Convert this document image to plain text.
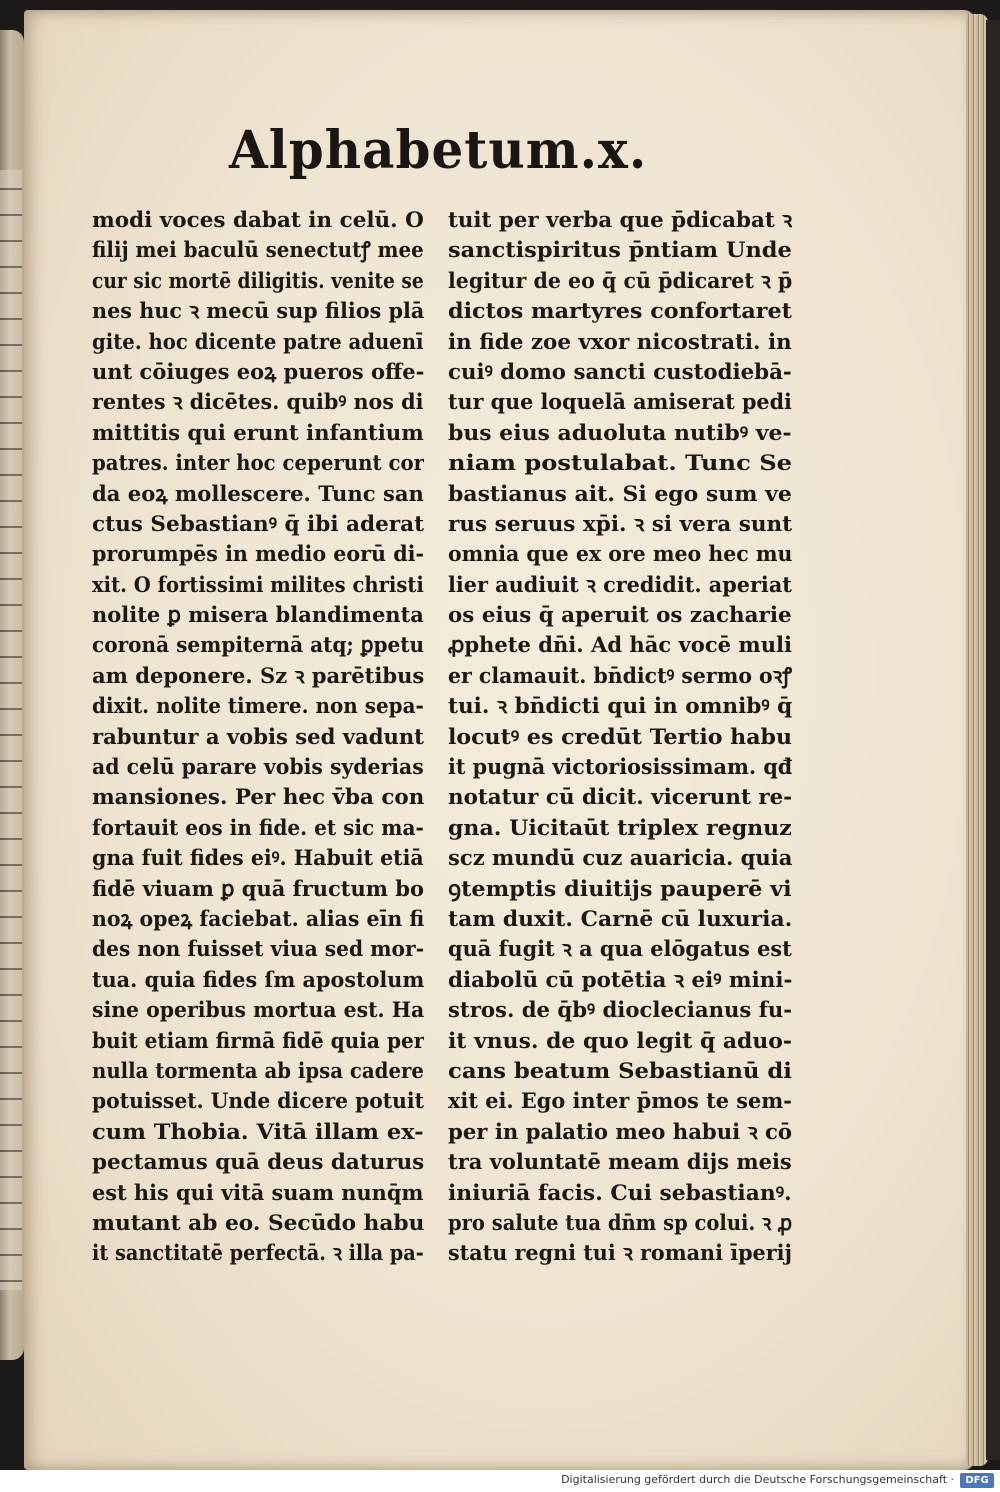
Alphabetum.x.
modi voces dabat in celū. O
filij mei baculū senectutꝭ mee
cur sic mortē diligitis. venite se
nes huc ꝛ mecū sup filios plā
gite. hoc dicente patre aduenī
unt cōiuges eoꝝ pueros offe-
rentes ꝛ dicētes. quibꝰ nos di
mittitis qui erunt infantium
patres. inter hoc ceperunt cor
da eoꝝ mollescere. Tunc san
ctus Sebastianꝰ q̄ ibi aderat
prorumpēs in medio eorū di-
xit. O fortissimi milites christi
nolite ꝑ misera blandimenta
coronā sempiternā atq; ꝑpetu
am deponere. Sz ꝛ parētibus
dixit. nolite timere. non sepa-
rabuntur a vobis sed vadunt
ad celū parare vobis syderias
mansiones. Per hec v̄ba con
fortauit eos in fide. et sic ma-
gna fuit fides eiꝰ. Habuit etiā
fidē viuam ꝑ quā fructum bo
noꝝ opeꝝ faciebat. alias eīn fi
des non fuisset viua sed mor-
tua. quia fides ſm apostolum
sine operibus mortua est. Ha
buit etiam firmā fidē quia per
nulla tormenta ab ipsa cadere
potuisset. Unde dicere potuit
cum Thobia. Vitā illam ex-
pectamus quā deus daturus
est his qui vitā suam nunq̄m
mutant ab eo. Secūdo habu
it sanctitatē perfectā. ꝛ illa pa-
tuit per verba que p̄dicabat ꝛ
sanctispiritus p̄ntiam Unde
legitur de eo q̄ cū p̄dicaret ꝛ p̄
dictos martyres confortaret
in fide zoe vxor nicostrati. in
cuiꝰ domo sancti custodiebā-
tur que loquelā amiserat pedi
bus eius aduoluta nutibꝰ ve-
niam postulabat. Tunc Se
bastianus ait. Si ego sum ve
rus seruus xp̄i. ꝛ si vera sunt
omnia que ex ore meo hec mu
lier audiuit ꝛ credidit. aperiat
os eius q̄ aperuit os zacharie
ꝓphete dn̄i. Ad hāc vocē muli
er clamauit. bn̄dictꝰ sermo oꝛꝭ
tui. ꝛ bn̄dicti qui in omnibꝰ q̄
locutꝰ es credūt Tertio habu
it pugnā victoriosissimam. qđ
notatur cū dicit. vicerunt re-
gna. Uicitaūt triplex regnuz
scz mundū cuz auaricia. quia
ꝯtemptis diuitijs pauperē vi
tam duxit. Carnē cū luxuria.
quā fugit ꝛ a qua elōgatus est
diabolū cū potētia ꝛ eiꝰ mini-
stros. de q̄bꝰ dioclecianus fu-
it vnus. de quo legit q̄ aduo-
cans beatum Sebastianū di
xit ei. Ego inter p̄mos te sem-
per in palatio meo habui ꝛ cō
tra voluntatē meam dijs meis
iniuriā facis. Cui sebastianꝰ.
pro salute tua dn̄m sp colui. ꝛ ꝓ
statu regni tui ꝛ romani īperij
Digitalisierung gefördert durch die Deutsche Forschungsgemeinschaft ·	DFG
